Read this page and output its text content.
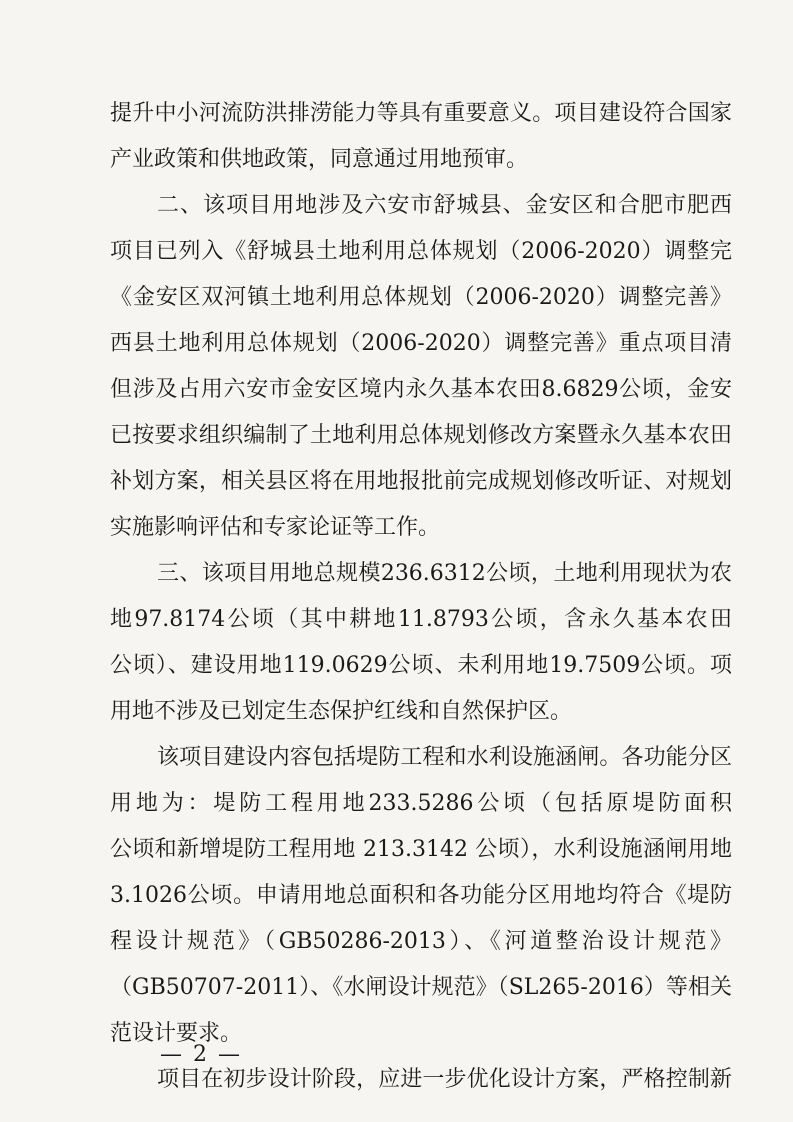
提升中小河流防洪排涝能力等具有重要意义。项目建设符合国家
产业政策和供地政策，同意通过用地预审。
二、该项目用地涉及六安市舒城县、金安区和合肥市肥西
项目已列入《舒城县土地利用总体规划（2006-2020）调整完
《金安区双河镇土地利用总体规划（2006-2020）调整完善》
西县土地利用总体规划（2006-2020）调整完善》重点项目清
但涉及占用六安市金安区境内永久基本农田8.6829公顷，金安
已按要求组织编制了土地利用总体规划修改方案暨永久基本农田
补划方案，相关县区将在用地报批前完成规划修改听证、对规划
实施影响评估和专家论证等工作。
三、该项目用地总规模236.6312公顷，土地利用现状为农
地97.8174公顷（其中耕地11.8793公顷，含永久基本农田
公顷）、建设用地119.0629公顷、未利用地19.7509公顷。项
用地不涉及已划定生态保护红线和自然保护区。
该项目建设内容包括堤防工程和水利设施涵闸。各功能分区
用地为：堤防工程用地233.5286公顷（包括原堤防面积
公顷和新增堤防工程用地 213.3142 公顷），水利设施涵闸用地
3.1026公顷。申请用地总面积和各功能分区用地均符合《堤防
程设计规范》（GB50286-2013）、《河道整治设计规范》
（GB50707-2011）、《水闸设计规范》（SL265-2016）等相关
范设计要求。
项目在初步设计阶段，应进一步优化设计方案，严格控制新
— 2 —
